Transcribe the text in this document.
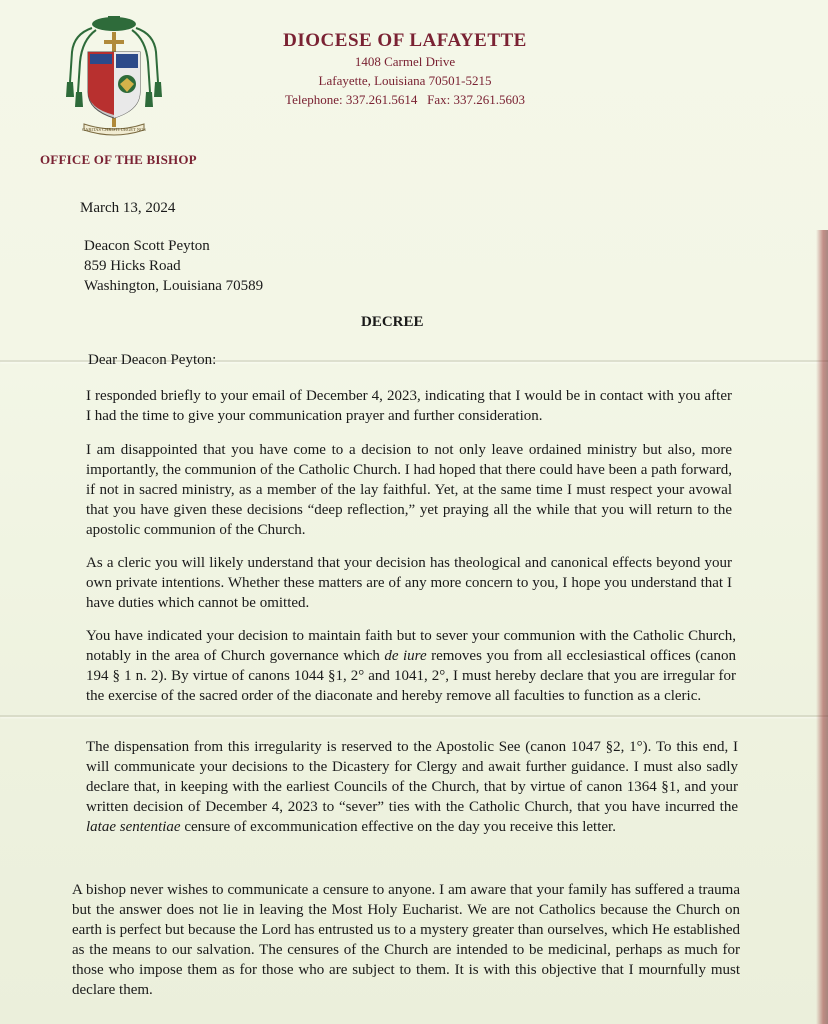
CARITAS CHRISTI URGET NOS
OFFICE OF THE BISHOP
DIOCESE OF LAFAYETTE
1408 Carmel Drive
Lafayette, Louisiana 70501-5215
Telephone: 337.261.5614   Fax: 337.261.5603
March 13, 2024
Deacon Scott Peyton
859 Hicks Road
Washington, Louisiana 70589
DECREE
Dear Deacon Peyton:
I responded briefly to your email of December 4, 2023, indicating that I would be in contact with you after I had the time to give your communication prayer and further consideration.
I am disappointed that you have come to a decision to not only leave ordained ministry but also, more importantly, the communion of the Catholic Church. I had hoped that there could have been a path forward, if not in sacred ministry, as a member of the lay faithful. Yet, at the same time I must respect your avowal that you have given these decisions “deep reflection,” yet praying all the while that you will return to the apostolic communion of the Church.
As a cleric you will likely understand that your decision has theological and canonical effects beyond your own private intentions. Whether these matters are of any more concern to you, I hope you understand that I have duties which cannot be omitted.
You have indicated your decision to maintain faith but to sever your communion with the Catholic Church, notably in the area of Church governance which de iure removes you from all ecclesiastical offices (canon 194 § 1 n. 2). By virtue of canons 1044 §1, 2° and 1041, 2°, I must hereby declare that you are irregular for the exercise of the sacred order of the diaconate and hereby remove all faculties to function as a cleric.
The dispensation from this irregularity is reserved to the Apostolic See (canon 1047 §2, 1°). To this end, I will communicate your decisions to the Dicastery for Clergy and await further guidance. I must also sadly declare that, in keeping with the earliest Councils of the Church, that by virtue of canon 1364 §1, and your written decision of December 4, 2023 to “sever” ties with the Catholic Church, that you have incurred the latae sententiae censure of excommunication effective on the day you receive this letter.
A bishop never wishes to communicate a censure to anyone. I am aware that your family has suffered a trauma but the answer does not lie in leaving the Most Holy Eucharist. We are not Catholics because the Church on earth is perfect but because the Lord has entrusted us to a mystery greater than ourselves, which He established as the means to our salvation. The censures of the Church are intended to be medicinal, perhaps as much for those who impose them as for those who are subject to them. It is with this objective that I mournfully must declare them.
